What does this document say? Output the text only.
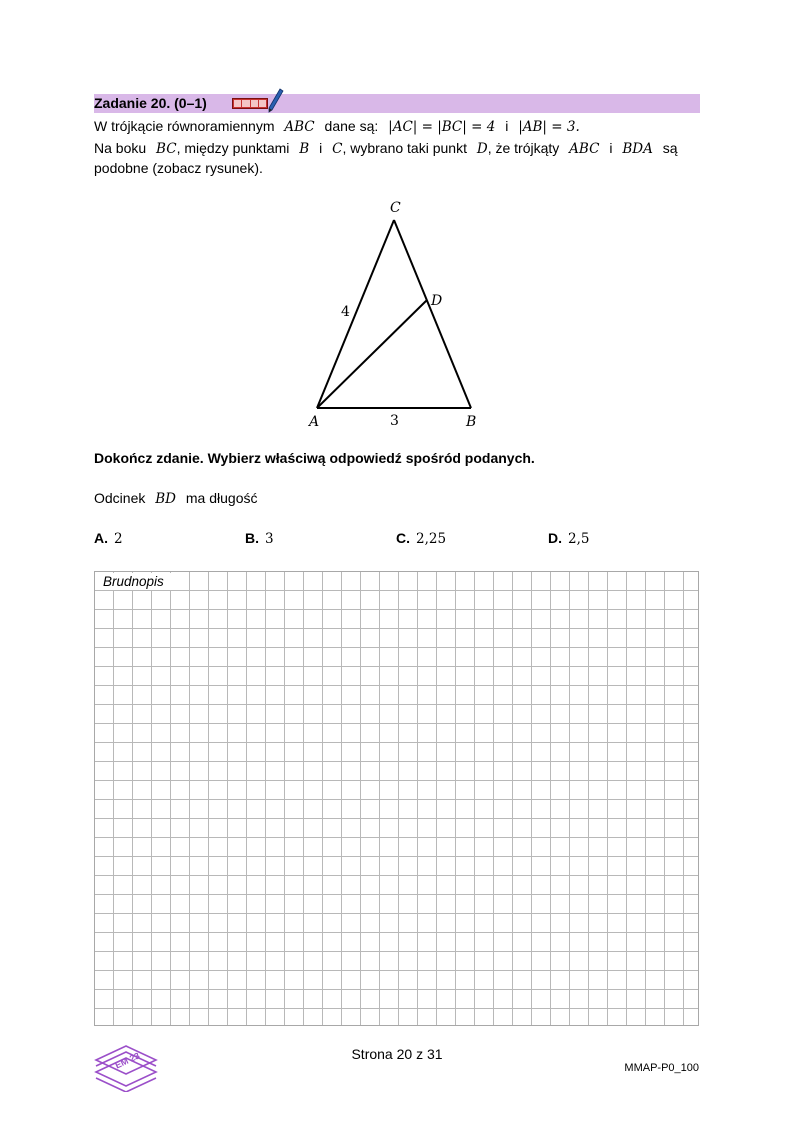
Zadanie 20. (0–1)
W trójkącie równoramiennym ABC dane są: |AC| = |BC| = 4 i |AB| = 3.
Na boku BC, między punktami B i C, wybrano taki punkt D, że trójkąty ABC i BDA są
podobne (zobacz rysunek).
C
D
A	B
4
3
Dokończ zdanie. Wybierz właściwą odpowiedź spośród podanych.
Odcinek BD ma długość
A. 2	B. 3	C. 2,25	D. 2,5
Brudnopis
EM 23	Strona 20 z 31
MMAP-P0_100
